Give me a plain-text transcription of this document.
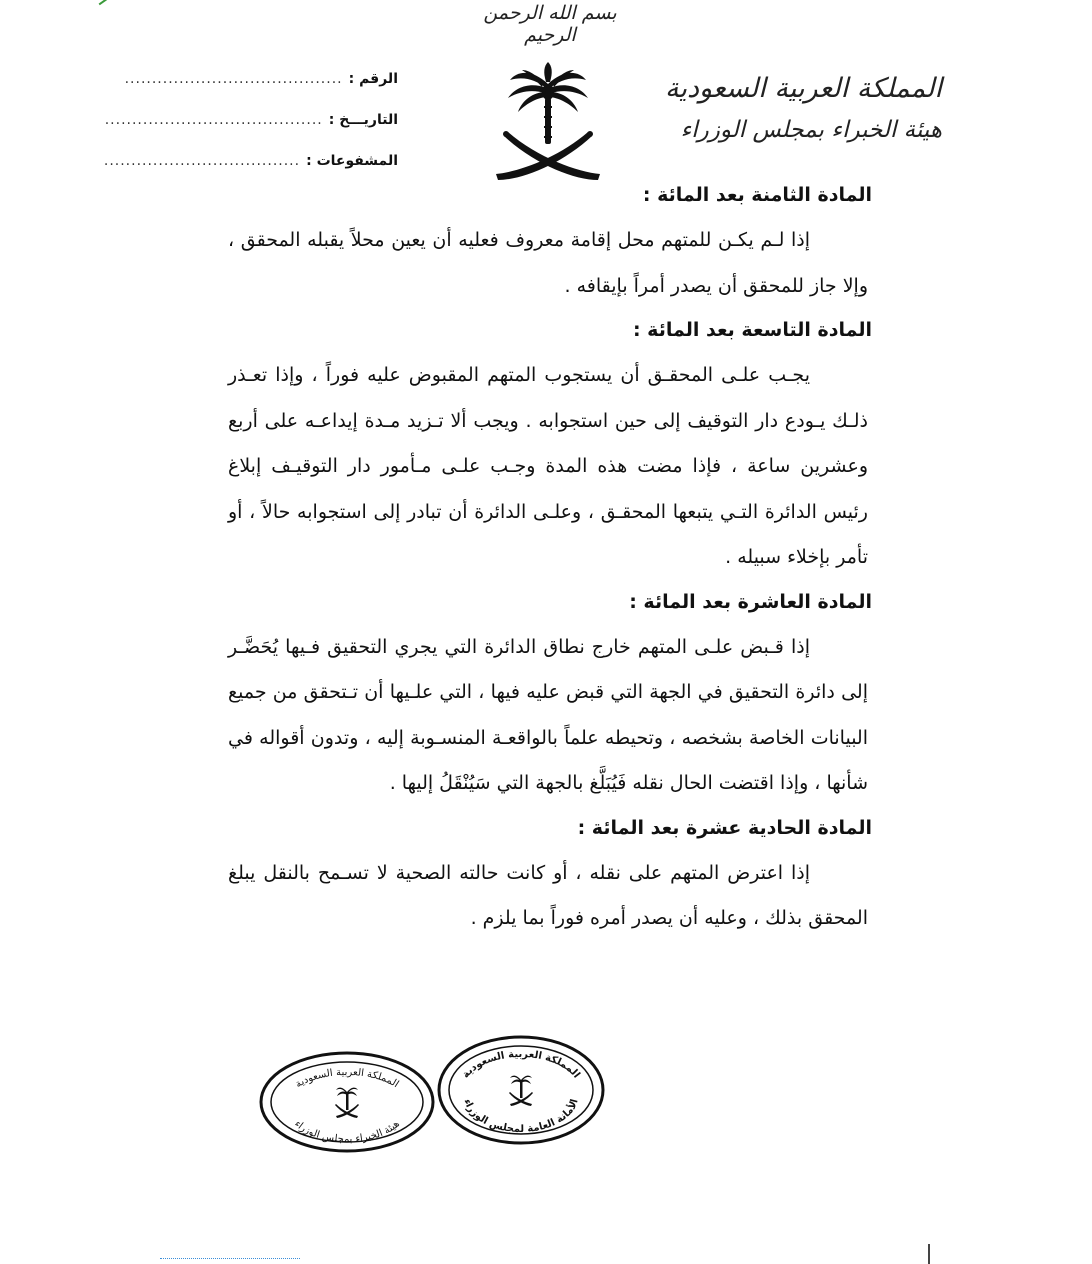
بسم الله الرحمن الرحيم
المملكة العربية السعودية
هيئة الخبراء بمجلس الوزراء
الرقم :
........................................
التاريـــخ :
........................................
المشفوعات :
....................................
المادة الثامنة بعد المائة :

إذا لـم يكـن للمتهم محل إقامة معروف فعليه أن يعين محلاً يقبله المحقق ، وإلا جاز للمحقق أن يصدر أمراً بإيقافه .

المادة التاسعة بعد المائة :

يجـب علـى المحقـق أن يستجوب المتهم المقبوض عليه فوراً ، وإذا تعـذر ذلـك يـودع دار التوقيف إلى حين استجوابه . ويجب ألا تـزيد مـدة إيداعـه على أربع وعشرين ساعة ، فإذا مضت هذه المدة وجـب علـى مـأمور دار التوقيـف إبلاغ رئيس الدائرة التـي يتبعها المحقـق ، وعلـى الدائرة أن تبادر إلى استجوابه حالاً ، أو تأمر بإخلاء سبيله .

المادة العاشرة بعد المائة :

إذا قـبض علـى المتهم خارج نطاق الدائرة التي يجري التحقيق فـيها يُحَضَّـر إلى دائرة التحقيق في الجهة التي قبض عليه فيها ، التي علـيها أن تـتحقق من جميع البيانات الخاصة بشخصه ، وتحيطه علماً بالواقعـة المنسـوبة إليه ، وتدون أقواله في شأنها ، وإذا اقتضت الحال نقله فَيُبَلَّغ بالجهة التي سَيُنْقَلُ إليها .

المادة الحادية عشرة بعد المائة :

إذا اعترض المتهم على نقله ، أو كانت حالته الصحية لا تسـمح بالنقل يبلغ المحقق بذلك ، وعليه أن يصدر أمره فوراً بما يلزم .

المملكة العربية السعودية
هيئة الخبراء بمجلس الوزراء
المملكة العربية السعودية
الأمانة العامة لمجلس الوزراء
